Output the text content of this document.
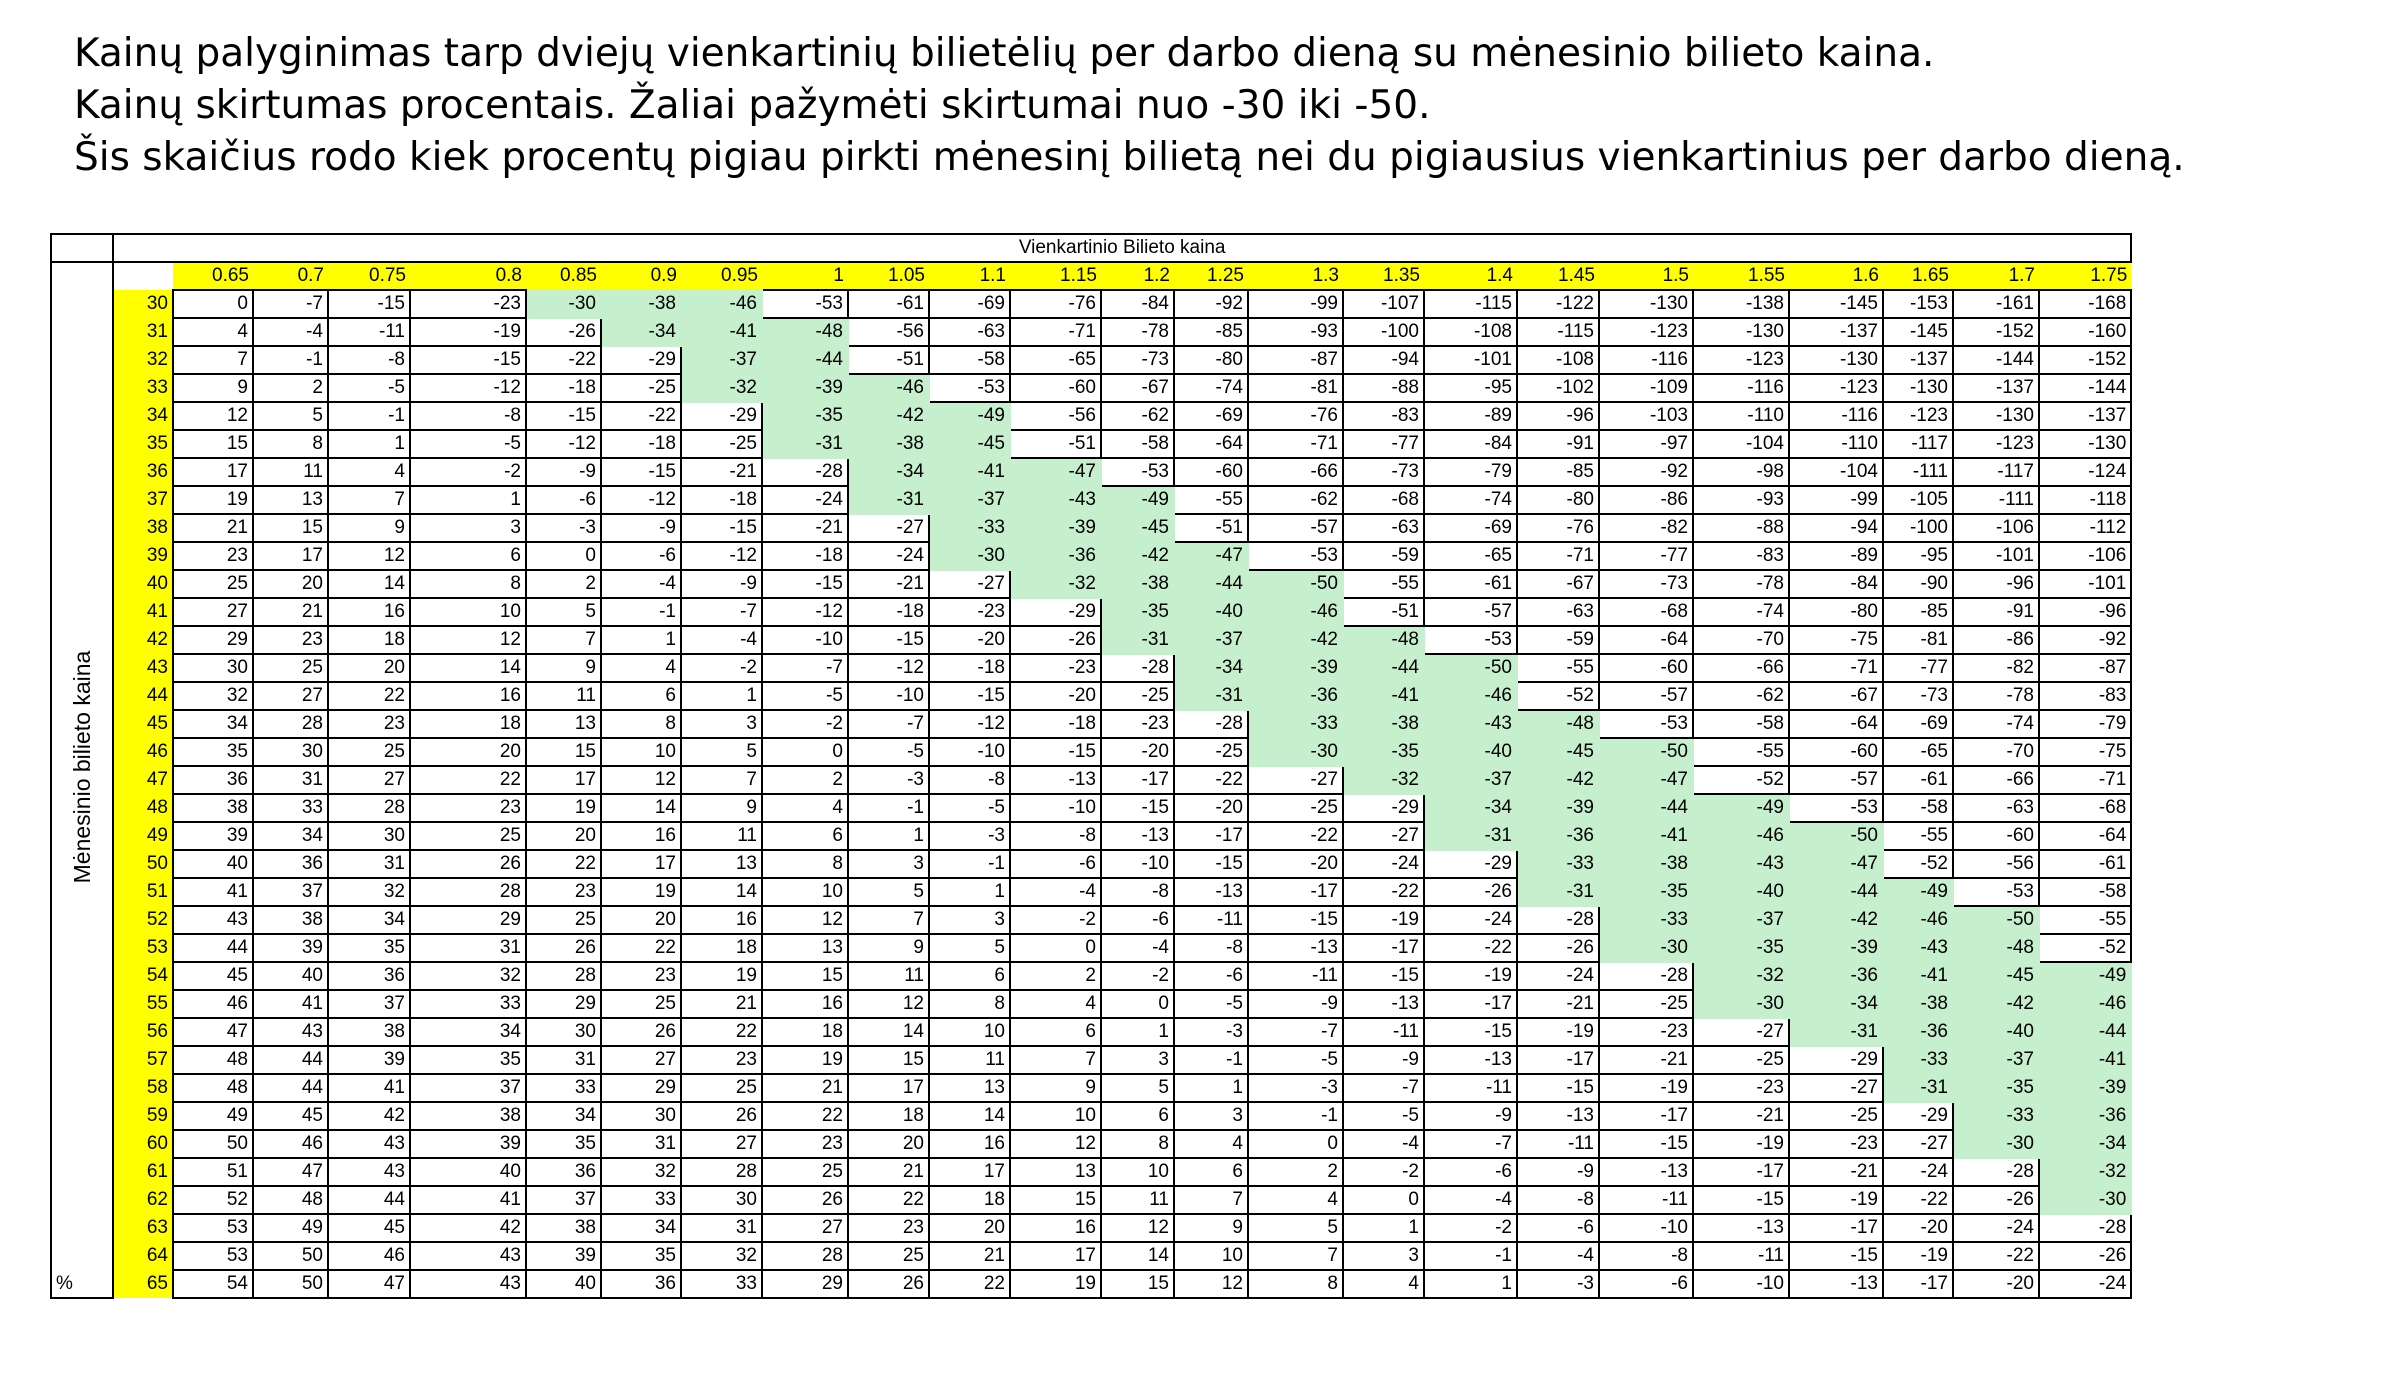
Kainų palyginimas tarp dviejų vienkartinių bilietėlių per darbo dieną su mėnesinio bilieto kaina.
Kainų skirtumas procentais. Žaliai pažymėti skirtumai nuo -30 iki -50.
Šis skaičius rodo kiek procentų pigiau pirkti mėnesinį bilietą nei du pigiausius vienkartinius per darbo dieną.
	Vienkartinio Bilieto kaina																							

Mėnesinio bilieto kaina		0.65	0.7	0.75	0.8	0.85	0.9	0.95	1	1.05	1.1	1.15	1.2	1.25	1.3	1.35	1.4	1.45	1.5	1.55	1.6	1.65	1.7	1.75
	30	0	-7	-15	-23	-30	-38	-46	-53	-61	-69	-76	-84	-92	-99	-107	-115	-122	-130	-138	-145	-153	-161	-168
	31	4	-4	-11	-19	-26	-34	-41	-48	-56	-63	-71	-78	-85	-93	-100	-108	-115	-123	-130	-137	-145	-152	-160
	32	7	-1	-8	-15	-22	-29	-37	-44	-51	-58	-65	-73	-80	-87	-94	-101	-108	-116	-123	-130	-137	-144	-152
	33	9	2	-5	-12	-18	-25	-32	-39	-46	-53	-60	-67	-74	-81	-88	-95	-102	-109	-116	-123	-130	-137	-144
	34	12	5	-1	-8	-15	-22	-29	-35	-42	-49	-56	-62	-69	-76	-83	-89	-96	-103	-110	-116	-123	-130	-137
	35	15	8	1	-5	-12	-18	-25	-31	-38	-45	-51	-58	-64	-71	-77	-84	-91	-97	-104	-110	-117	-123	-130
	36	17	11	4	-2	-9	-15	-21	-28	-34	-41	-47	-53	-60	-66	-73	-79	-85	-92	-98	-104	-111	-117	-124
	37	19	13	7	1	-6	-12	-18	-24	-31	-37	-43	-49	-55	-62	-68	-74	-80	-86	-93	-99	-105	-111	-118
	38	21	15	9	3	-3	-9	-15	-21	-27	-33	-39	-45	-51	-57	-63	-69	-76	-82	-88	-94	-100	-106	-112
	39	23	17	12	6	0	-6	-12	-18	-24	-30	-36	-42	-47	-53	-59	-65	-71	-77	-83	-89	-95	-101	-106
	40	25	20	14	8	2	-4	-9	-15	-21	-27	-32	-38	-44	-50	-55	-61	-67	-73	-78	-84	-90	-96	-101
	41	27	21	16	10	5	-1	-7	-12	-18	-23	-29	-35	-40	-46	-51	-57	-63	-68	-74	-80	-85	-91	-96
	42	29	23	18	12	7	1	-4	-10	-15	-20	-26	-31	-37	-42	-48	-53	-59	-64	-70	-75	-81	-86	-92
	43	30	25	20	14	9	4	-2	-7	-12	-18	-23	-28	-34	-39	-44	-50	-55	-60	-66	-71	-77	-82	-87
	44	32	27	22	16	11	6	1	-5	-10	-15	-20	-25	-31	-36	-41	-46	-52	-57	-62	-67	-73	-78	-83
	45	34	28	23	18	13	8	3	-2	-7	-12	-18	-23	-28	-33	-38	-43	-48	-53	-58	-64	-69	-74	-79
	46	35	30	25	20	15	10	5	0	-5	-10	-15	-20	-25	-30	-35	-40	-45	-50	-55	-60	-65	-70	-75
	47	36	31	27	22	17	12	7	2	-3	-8	-13	-17	-22	-27	-32	-37	-42	-47	-52	-57	-61	-66	-71
	48	38	33	28	23	19	14	9	4	-1	-5	-10	-15	-20	-25	-29	-34	-39	-44	-49	-53	-58	-63	-68
	49	39	34	30	25	20	16	11	6	1	-3	-8	-13	-17	-22	-27	-31	-36	-41	-46	-50	-55	-60	-64
	50	40	36	31	26	22	17	13	8	3	-1	-6	-10	-15	-20	-24	-29	-33	-38	-43	-47	-52	-56	-61
	51	41	37	32	28	23	19	14	10	5	1	-4	-8	-13	-17	-22	-26	-31	-35	-40	-44	-49	-53	-58
	52	43	38	34	29	25	20	16	12	7	3	-2	-6	-11	-15	-19	-24	-28	-33	-37	-42	-46	-50	-55
	53	44	39	35	31	26	22	18	13	9	5	0	-4	-8	-13	-17	-22	-26	-30	-35	-39	-43	-48	-52
	54	45	40	36	32	28	23	19	15	11	6	2	-2	-6	-11	-15	-19	-24	-28	-32	-36	-41	-45	-49
	55	46	41	37	33	29	25	21	16	12	8	4	0	-5	-9	-13	-17	-21	-25	-30	-34	-38	-42	-46
	56	47	43	38	34	30	26	22	18	14	10	6	1	-3	-7	-11	-15	-19	-23	-27	-31	-36	-40	-44
	57	48	44	39	35	31	27	23	19	15	11	7	3	-1	-5	-9	-13	-17	-21	-25	-29	-33	-37	-41
	58	48	44	41	37	33	29	25	21	17	13	9	5	1	-3	-7	-11	-15	-19	-23	-27	-31	-35	-39
	59	49	45	42	38	34	30	26	22	18	14	10	6	3	-1	-5	-9	-13	-17	-21	-25	-29	-33	-36
	60	50	46	43	39	35	31	27	23	20	16	12	8	4	0	-4	-7	-11	-15	-19	-23	-27	-30	-34
	61	51	47	43	40	36	32	28	25	21	17	13	10	6	2	-2	-6	-9	-13	-17	-21	-24	-28	-32
	62	52	48	44	41	37	33	30	26	22	18	15	11	7	4	0	-4	-8	-11	-15	-19	-22	-26	-30
	63	53	49	45	42	38	34	31	27	23	20	16	12	9	5	1	-2	-6	-10	-13	-17	-20	-24	-28
	64	53	50	46	43	39	35	32	28	25	21	17	14	10	7	3	-1	-4	-8	-11	-15	-19	-22	-26
%	65	54	50	47	43	40	36	33	29	26	22	19	15	12	8	4	1	-3	-6	-10	-13	-17	-20	-24
